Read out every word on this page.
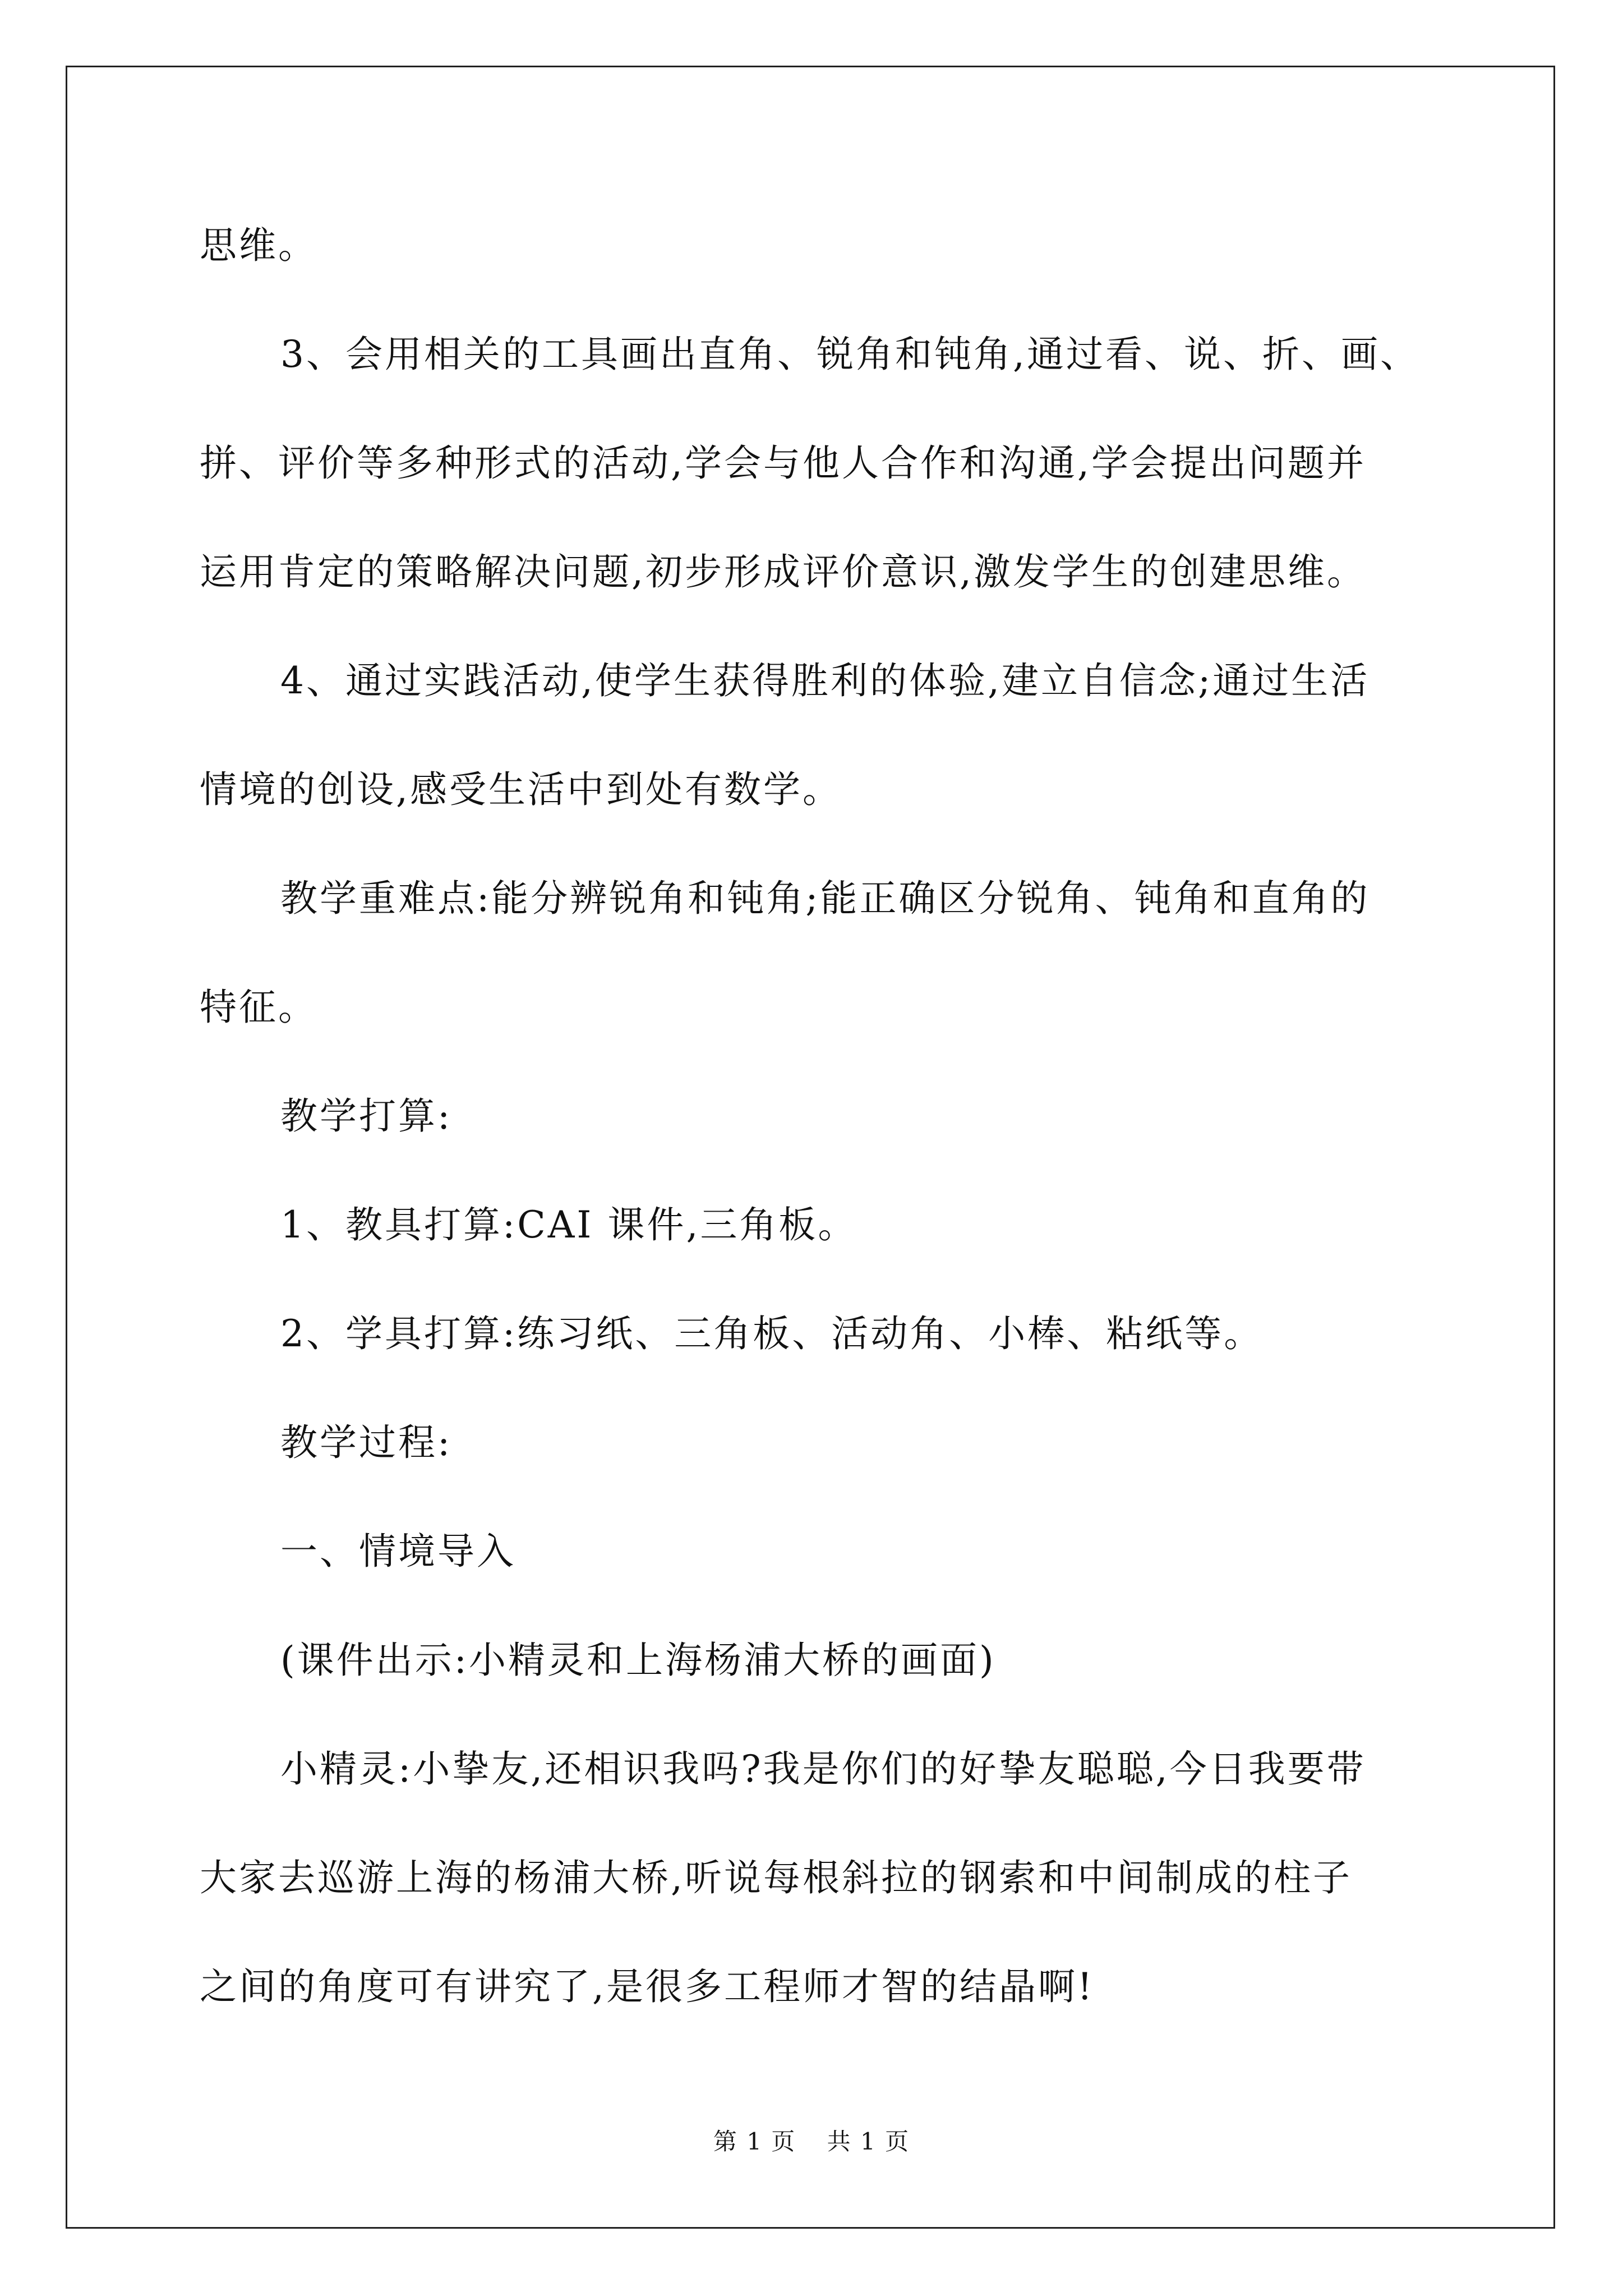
思维。
3、会用相关的工具画出直角、锐角和钝角,通过看、说、折、画、
拼、评价等多种形式的活动,学会与他人合作和沟通,学会提出问题并
运用肯定的策略解决问题,初步形成评价意识,激发学生的创建思维。
4、通过实践活动,使学生获得胜利的体验,建立自信念;通过生活
情境的创设,感受生活中到处有数学。
教学重难点:能分辨锐角和钝角;能正确区分锐角、钝角和直角的
特征。
教学打算:
1、教具打算:CAI 课件,三角板。
2、学具打算:练习纸、三角板、活动角、小棒、粘纸等。
教学过程:
一、情境导入
(课件出示:小精灵和上海杨浦大桥的画面)
小精灵:小挚友,还相识我吗?我是你们的好挚友聪聪,今日我要带
大家去巡游上海的杨浦大桥,听说每根斜拉的钢索和中间制成的柱子
之间的角度可有讲究了,是很多工程师才智的结晶啊!
第 1 页 共 1 页
